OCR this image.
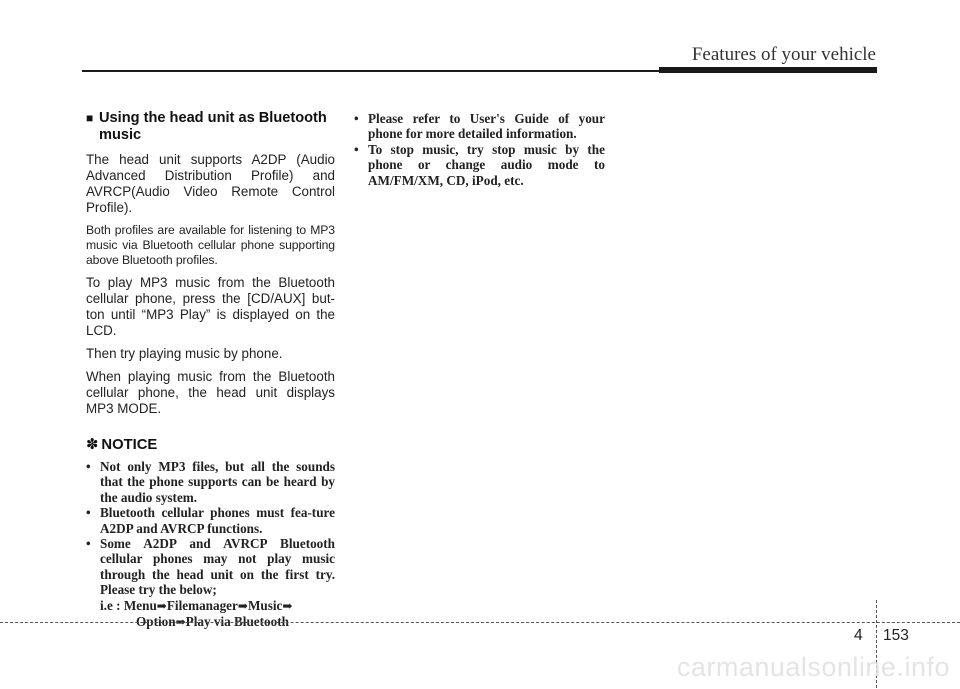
Features of your vehicle
■ Using the head unit as Bluetooth music

The head unit supports A2DP (Audio Advanced Distribution Profile) and AVRCP(Audio Video Remote Control Profile).

Both profiles are available for listening to MP3 music via Bluetooth cellular phone supporting above Bluetooth profiles.

To play MP3 music from the Bluetooth cellular phone, press the [CD/AUX] but-ton until “MP3 Play” is displayed on the LCD.

Then try playing music by phone.

When playing music from the Bluetooth cellular phone, the head unit displays MP3 MODE.

✽ NOTICE
• Not only MP3 files, but all the sounds that the phone supports can be heard by the audio system.
• Bluetooth cellular phones must fea-ture A2DP and AVRCP functions.
• Some A2DP and AVRCP Bluetooth cellular phones may not play music through the head unit on the first try. Please try the below;
i.e : Menu➡Filemanager➡Music➡
Option➡Play via Bluetooth
• Please refer to User's Guide of your phone for more detailed information.
• To stop music, try stop music by the phone or change audio mode to AM/FM/XM, CD, iPod, etc.
4 153
carmanualsonline.info
